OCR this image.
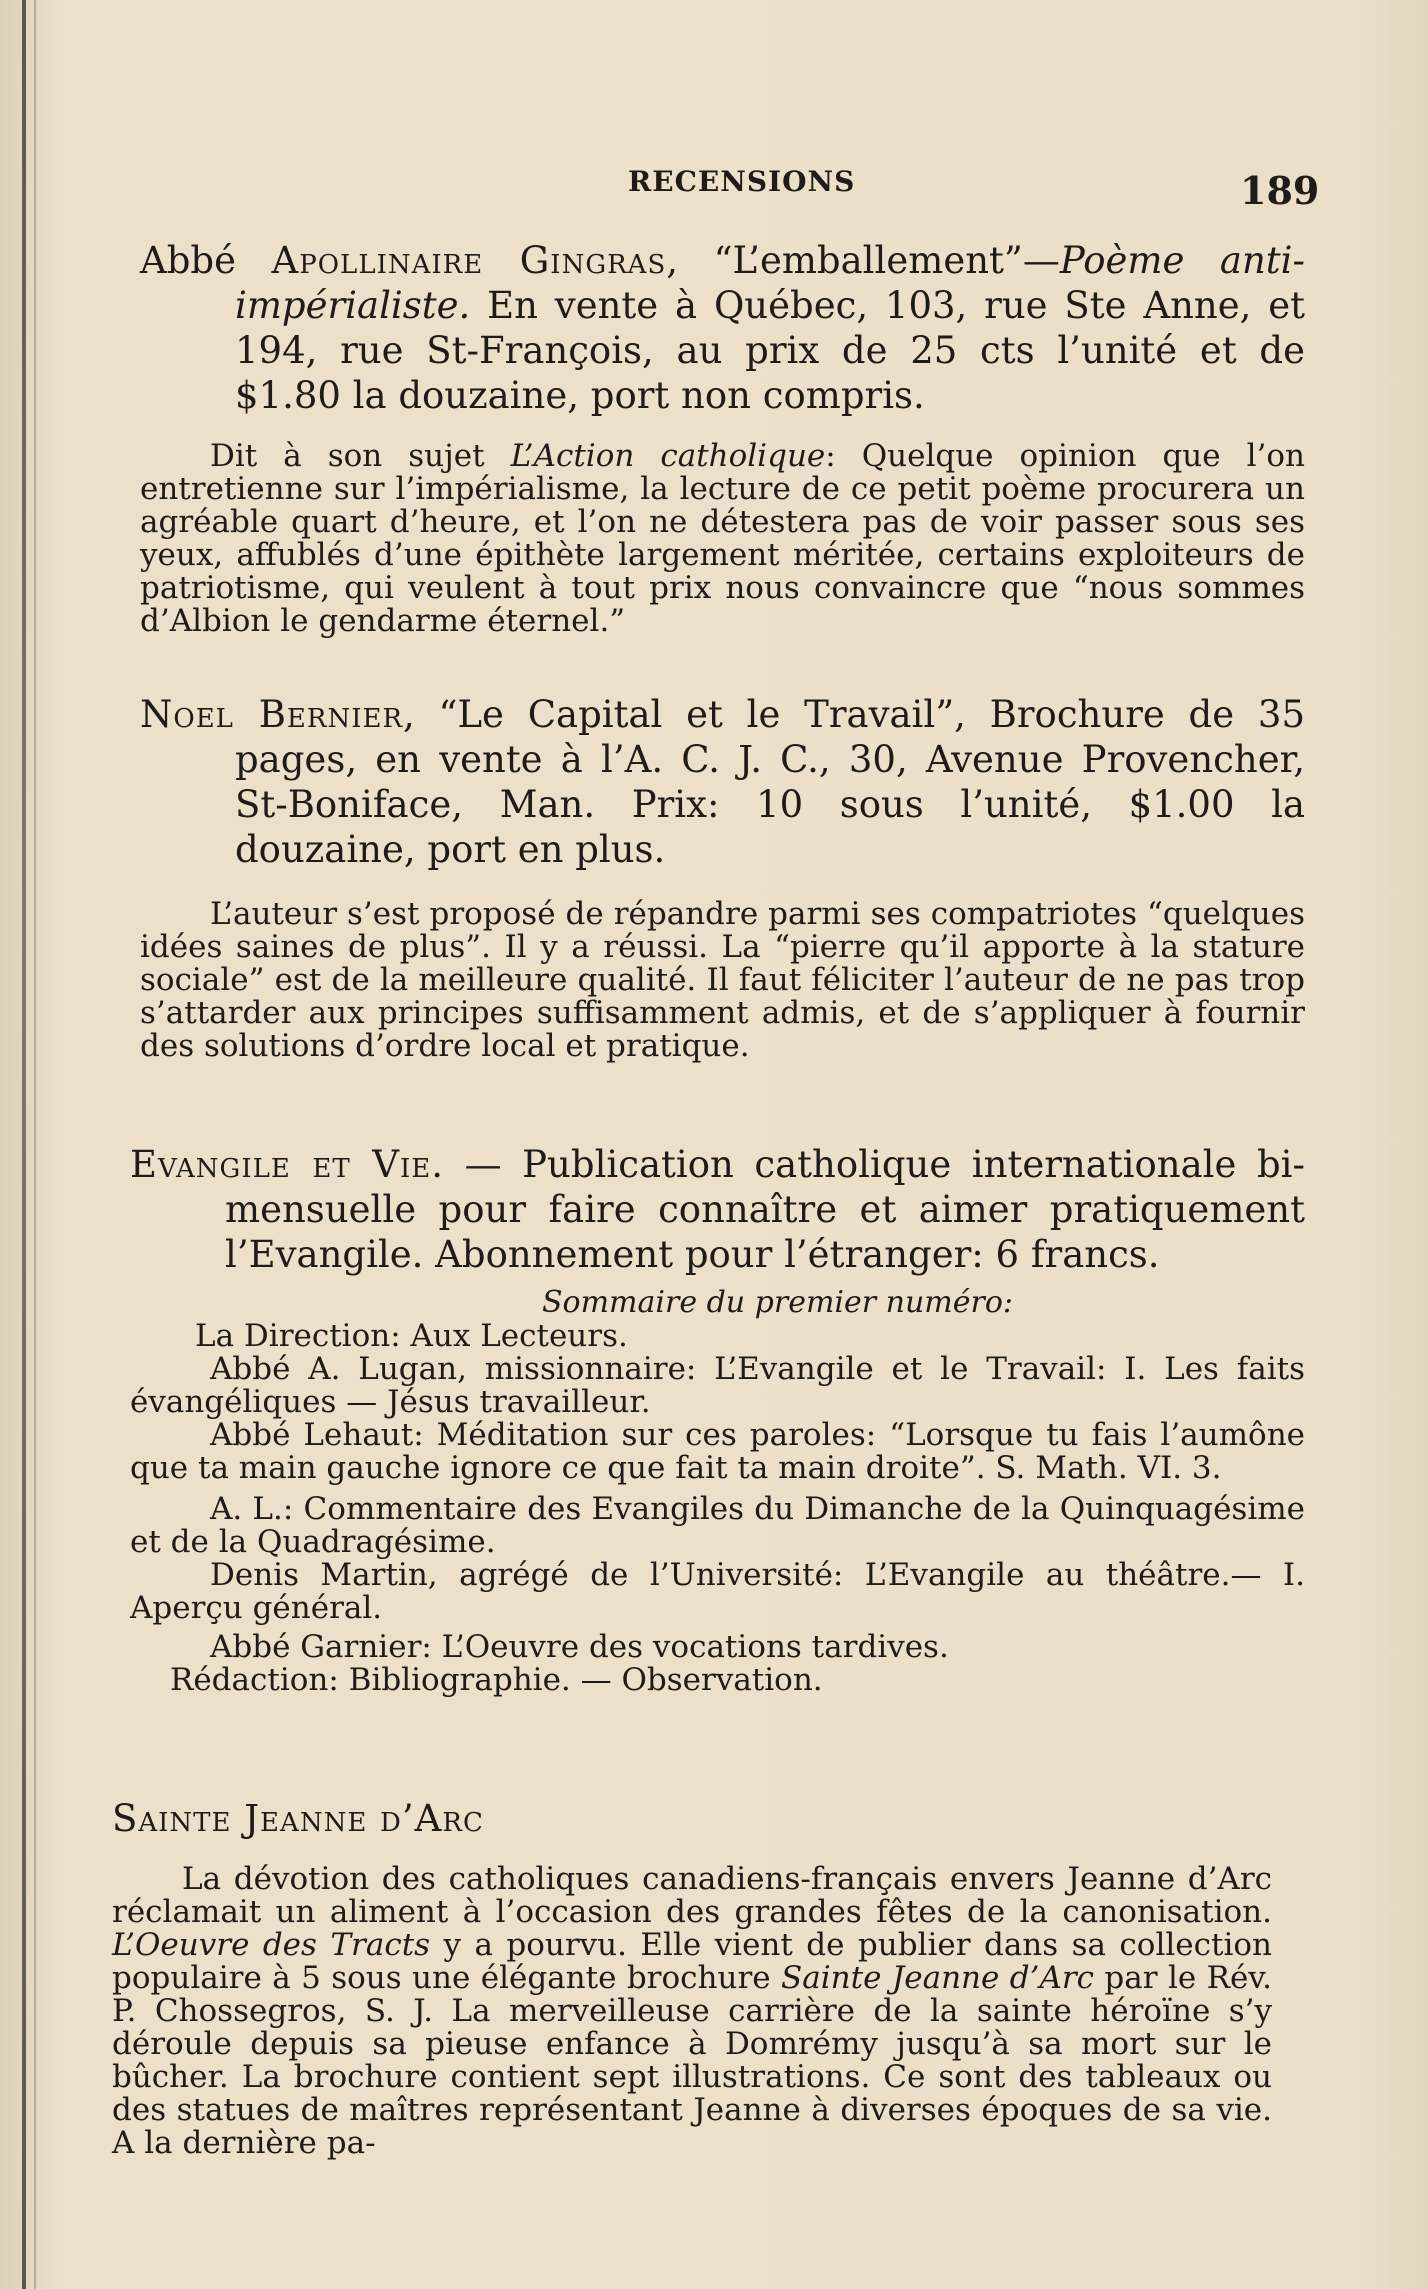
RECENSIONS	189
Abbé Apollinaire Gingras, “L’emballement”—Poème anti-impérialiste. En vente à Québec, 103, rue Ste Anne, et 194, rue St-François, au prix de 25 cts l’unité et de $1.80 la douzaine, port non compris.
Dit à son sujet L’Action catholique: Quelque opinion que l’on entretienne sur l’impérialisme, la lecture de ce petit poème procurera un agréable quart d’heure, et l’on ne détestera pas de voir passer sous ses yeux, affublés d’une épithète largement méritée, certains exploiteurs de patriotisme, qui veulent à tout prix nous convaincre que “nous sommes d’Albion le gendarme éternel.”
Noel Bernier, “Le Capital et le Travail”, Brochure de 35 pages, en vente à l’A. C. J. C., 30, Avenue Provencher, St-Boniface, Man. Prix: 10 sous l’unité, $1.00 la douzaine, port en plus.
L’auteur s’est proposé de répandre parmi ses compatriotes “quelques idées saines de plus”. Il y a réussi. La “pierre qu’il apporte à la stature sociale” est de la meilleure qualité. Il faut féliciter l’auteur de ne pas trop s’attarder aux principes suffisamment admis, et de s’appliquer à fournir des solutions d’ordre local et pratique.
Evangile et Vie. — Publication catholique internationale bi-mensuelle pour faire connaître et aimer pratiquement l’Evangile. Abonnement pour l’étranger: 6 francs.
Sommaire du premier numéro:
La Direction: Aux Lecteurs.
Abbé A. Lugan, missionnaire: L’Evangile et le Travail: I. Les faits évangéliques — Jésus travailleur.
Abbé Lehaut: Méditation sur ces paroles: “Lorsque tu fais l’aumône que ta main gauche ignore ce que fait ta main droite”. S. Math. VI. 3.
A. L.: Commentaire des Evangiles du Dimanche de la Quinquagésime et de la Quadragésime.
Denis Martin, agrégé de l’Université: L’Evangile au théâtre.— I. Aperçu général.
Abbé Garnier: L’Oeuvre des vocations tardives.
Rédaction: Bibliographie. — Observation.
Sainte Jeanne d’Arc
La dévotion des catholiques canadiens-français envers Jeanne d’Arc réclamait un aliment à l’occasion des grandes fêtes de la canonisation. L’Oeuvre des Tracts y a pourvu. Elle vient de publier dans sa collection populaire à 5 sous une élégante brochure Sainte Jeanne d’Arc par le Rév. P. Chossegros, S. J. La merveilleuse carrière de la sainte héroïne s’y déroule depuis sa pieuse enfance à Domrémy jusqu’à sa mort sur le bûcher. La brochure contient sept illustrations. Ce sont des tableaux ou des statues de maîtres représentant Jeanne à diverses époques de sa vie. A la dernière pa-
